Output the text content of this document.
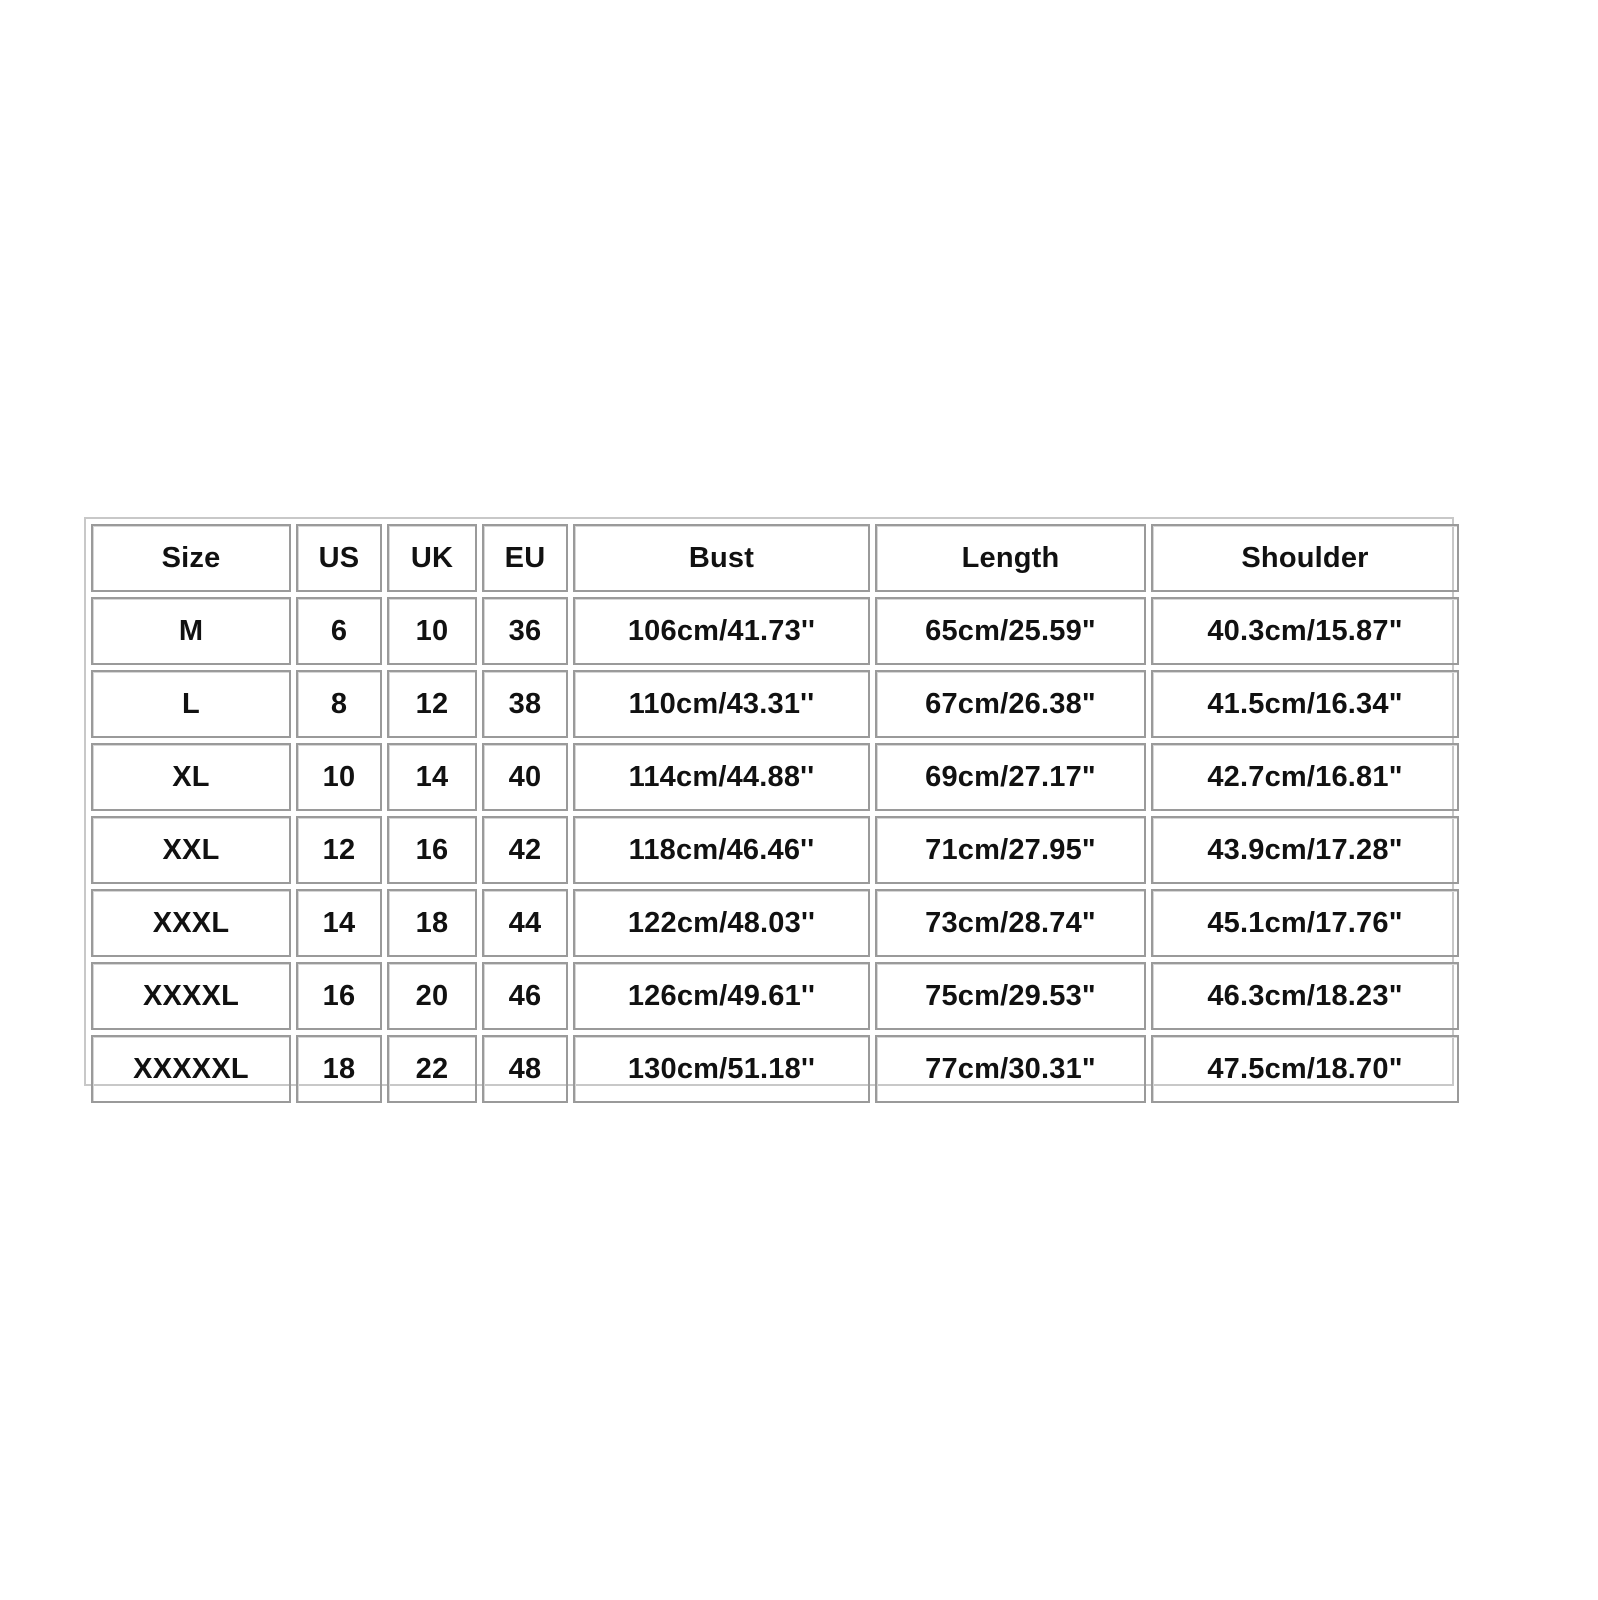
Size	US	UK	EU	Bust	Length	Shoulder
M	6	10	36	106cm/41.73''	65cm/25.59"	40.3cm/15.87"
L	8	12	38	110cm/43.31''	67cm/26.38"	41.5cm/16.34"
XL	10	14	40	114cm/44.88''	69cm/27.17"	42.7cm/16.81"
XXL	12	16	42	118cm/46.46''	71cm/27.95"	43.9cm/17.28"
XXXL	14	18	44	122cm/48.03''	73cm/28.74"	45.1cm/17.76"
XXXXL	16	20	46	126cm/49.61''	75cm/29.53"	46.3cm/18.23"
XXXXXL	18	22	48	130cm/51.18''	77cm/30.31"	47.5cm/18.70"
